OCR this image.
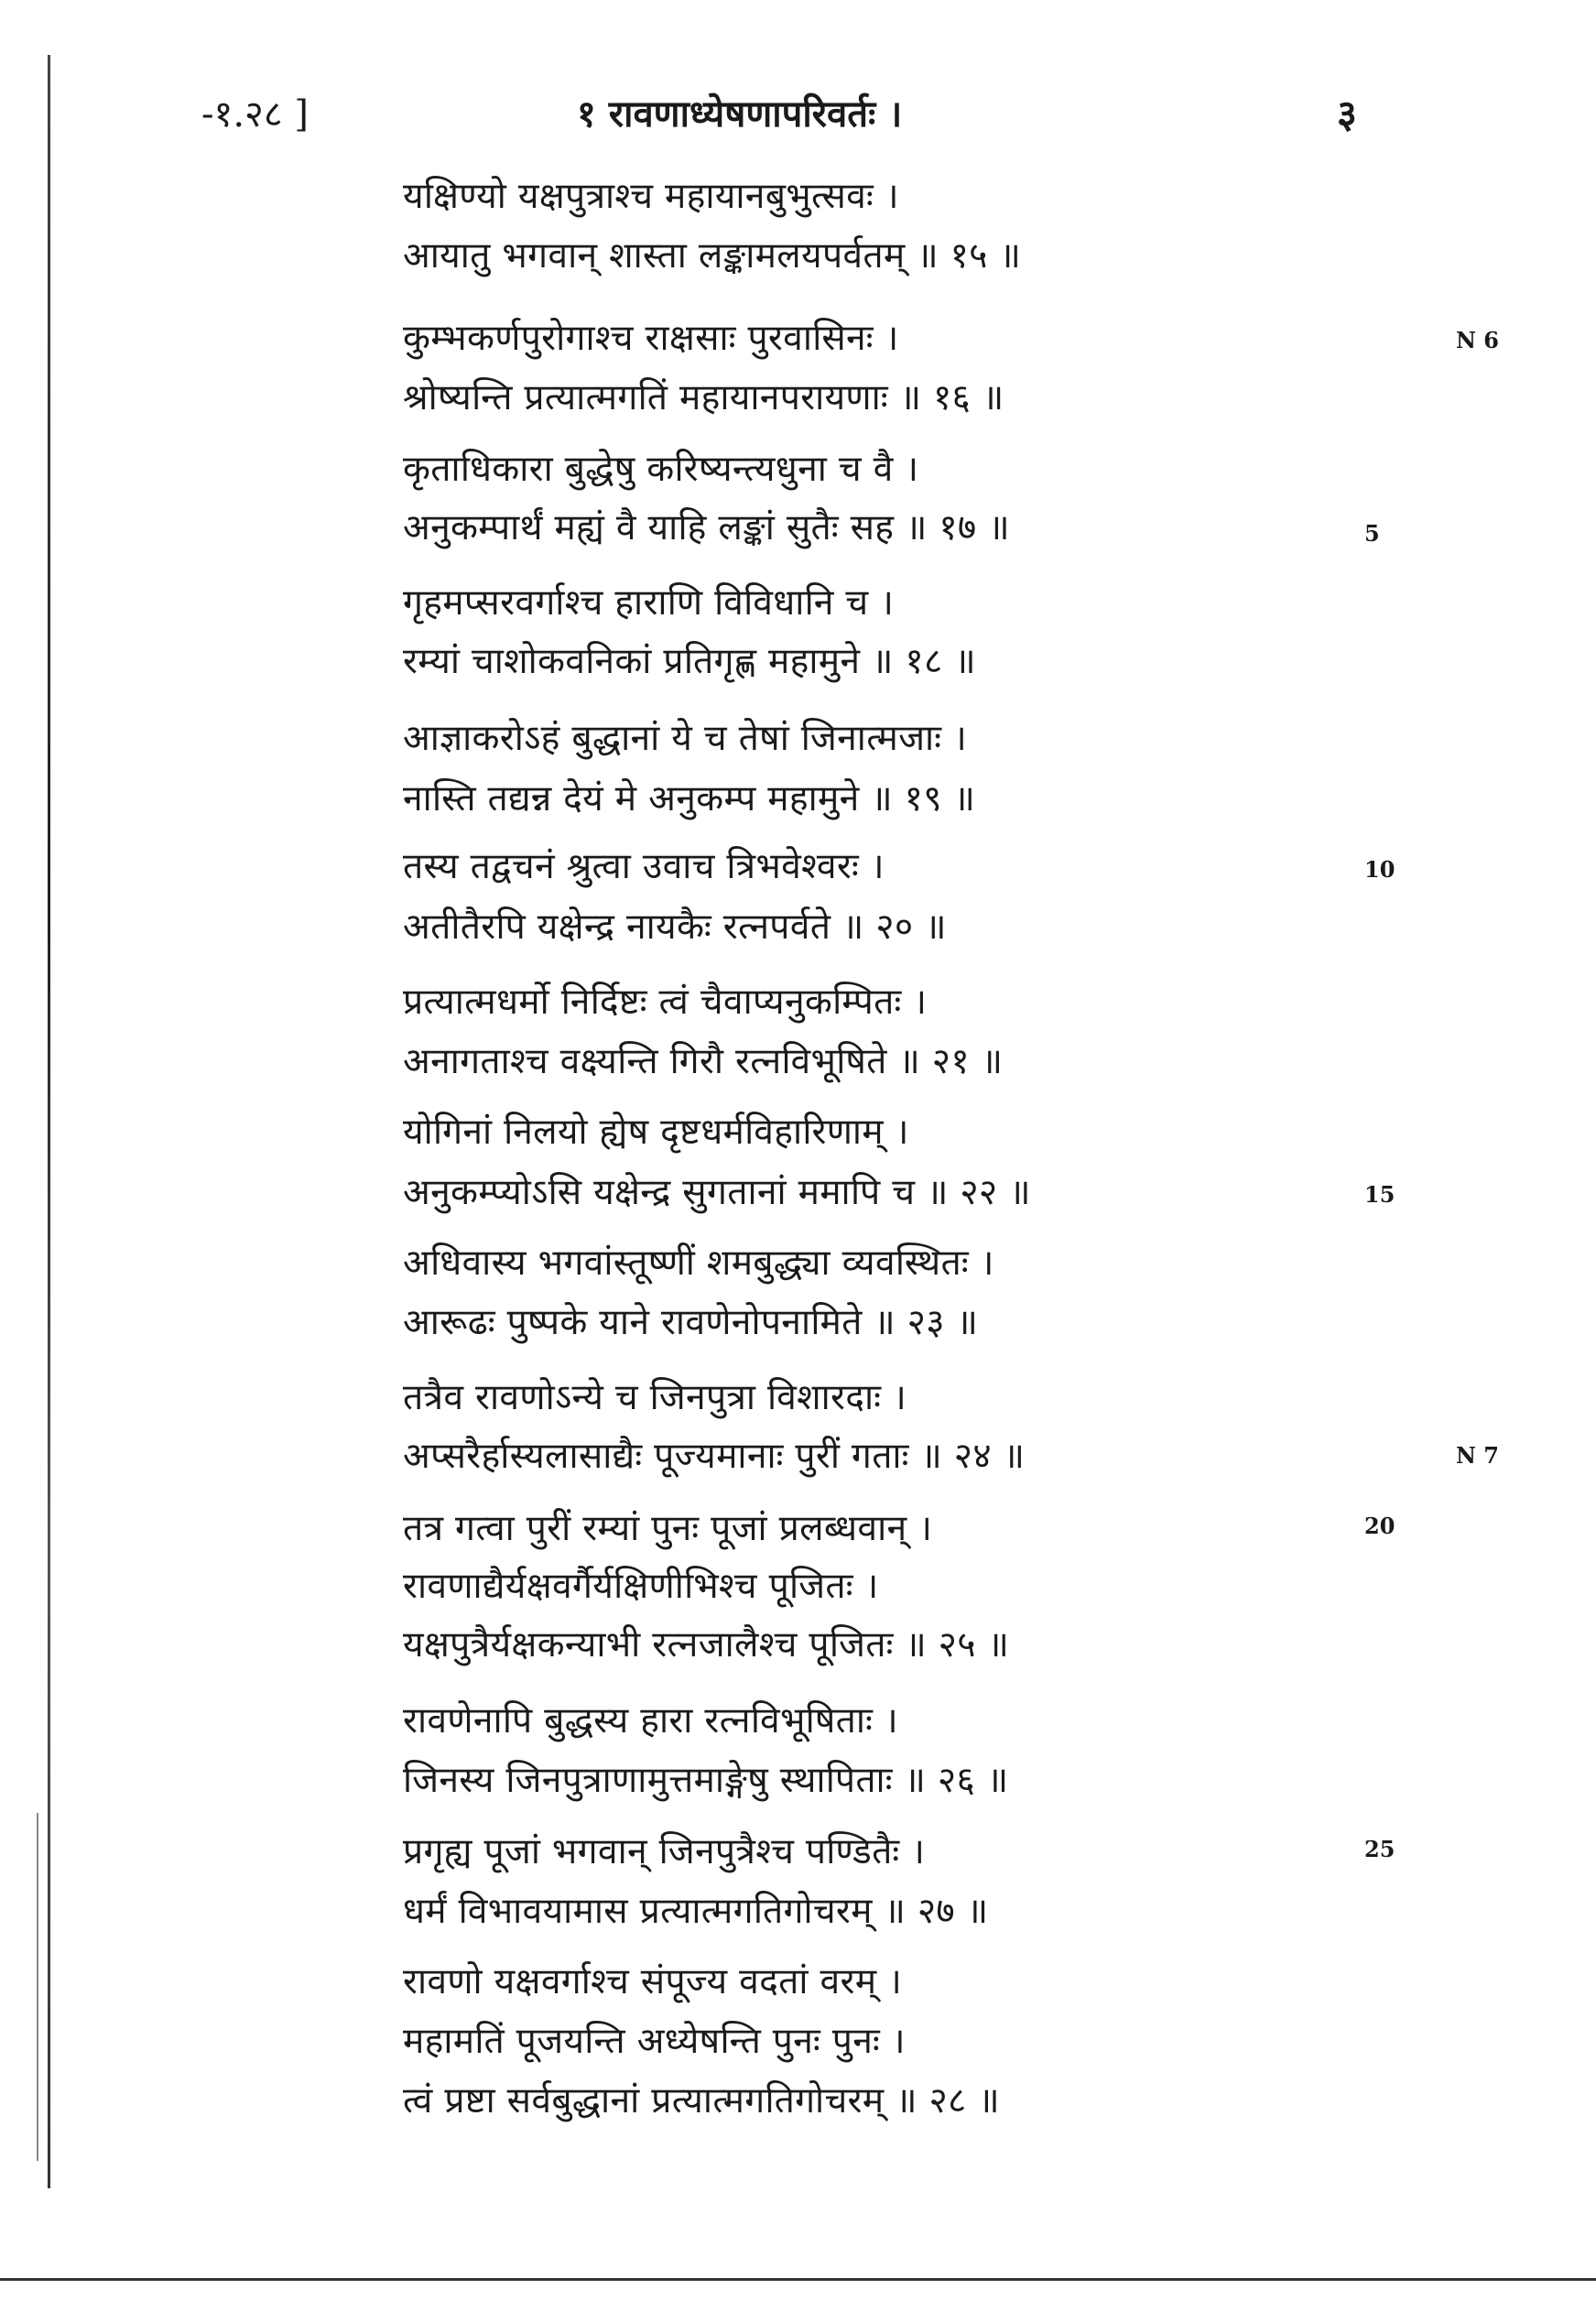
-१.२८ ]	१ रावणाध्येषणापरिवर्तः ।	३
यक्षिण्यो यक्षपुत्राश्च महायानबुभुत्सवः ।
आयातु भगवान् शास्ता लङ्कामलयपर्वतम् ॥ १५ ॥
कुम्भकर्णपुरोगाश्च राक्षसाः पुरवासिनः ।
श्रोष्यन्ति प्रत्यात्मगतिं महायानपरायणाः ॥ १६ ॥
कृताधिकारा बुद्धेषु करिष्यन्त्यधुना च वै ।
अनुकम्पार्थं मह्यं वै याहि लङ्कां सुतैः सह ॥ १७ ॥
गृहमप्सरवर्गाश्च हाराणि विविधानि च ।
रम्यां चाशोकवनिकां प्रतिगृह्ण महामुने ॥ १८ ॥
आज्ञाकरोऽहं बुद्धानां ये च तेषां जिनात्मजाः ।
नास्ति तद्यन्न देयं मे अनुकम्प महामुने ॥ १९ ॥
तस्य तद्वचनं श्रुत्वा उवाच त्रिभवेश्वरः ।
अतीतैरपि यक्षेन्द्र नायकैः रत्नपर्वते ॥ २० ॥
प्रत्यात्मधर्मो निर्दिष्टः त्वं चैवाप्यनुकम्पितः ।
अनागताश्च वक्ष्यन्ति गिरौ रत्नविभूषिते ॥ २१ ॥
योगिनां निलयो ह्येष दृष्टधर्मविहारिणाम् ।
अनुकम्प्योऽसि यक्षेन्द्र सुगतानां ममापि च ॥ २२ ॥
अधिवास्य भगवांस्तूष्णीं शमबुद्ध्या व्यवस्थितः ।
आरूढः पुष्पके याने रावणेनोपनामिते ॥ २३ ॥
तत्रैव रावणोऽन्ये च जिनपुत्रा विशारदाः ।
अप्सरैर्हास्यलासाद्यैः पूज्यमानाः पुरीं गताः ॥ २४ ॥
तत्र गत्वा पुरीं रम्यां पुनः पूजां प्रलब्धवान् ।
रावणाद्यैर्यक्षवर्गैर्यक्षिणीभिश्च पूजितः ।
यक्षपुत्रैर्यक्षकन्याभी रत्नजालैश्च पूजितः ॥ २५ ॥
रावणेनापि बुद्धस्य हारा रत्नविभूषिताः ।
जिनस्य जिनपुत्राणामुत्तमाङ्गेषु स्थापिताः ॥ २६ ॥
प्रगृह्य पूजां भगवान् जिनपुत्रैश्च पण्डितैः ।
धर्मं विभावयामास प्रत्यात्मगतिगोचरम् ॥ २७ ॥
रावणो यक्षवर्गाश्च संपूज्य वदतां वरम् ।
महामतिं पूजयन्ति अध्येषन्ति पुनः पुनः ।
त्वं प्रष्टा सर्वबुद्धानां प्रत्यात्मगतिगोचरम् ॥ २८ ॥
N 6
5
10
15
N 7
20
25
